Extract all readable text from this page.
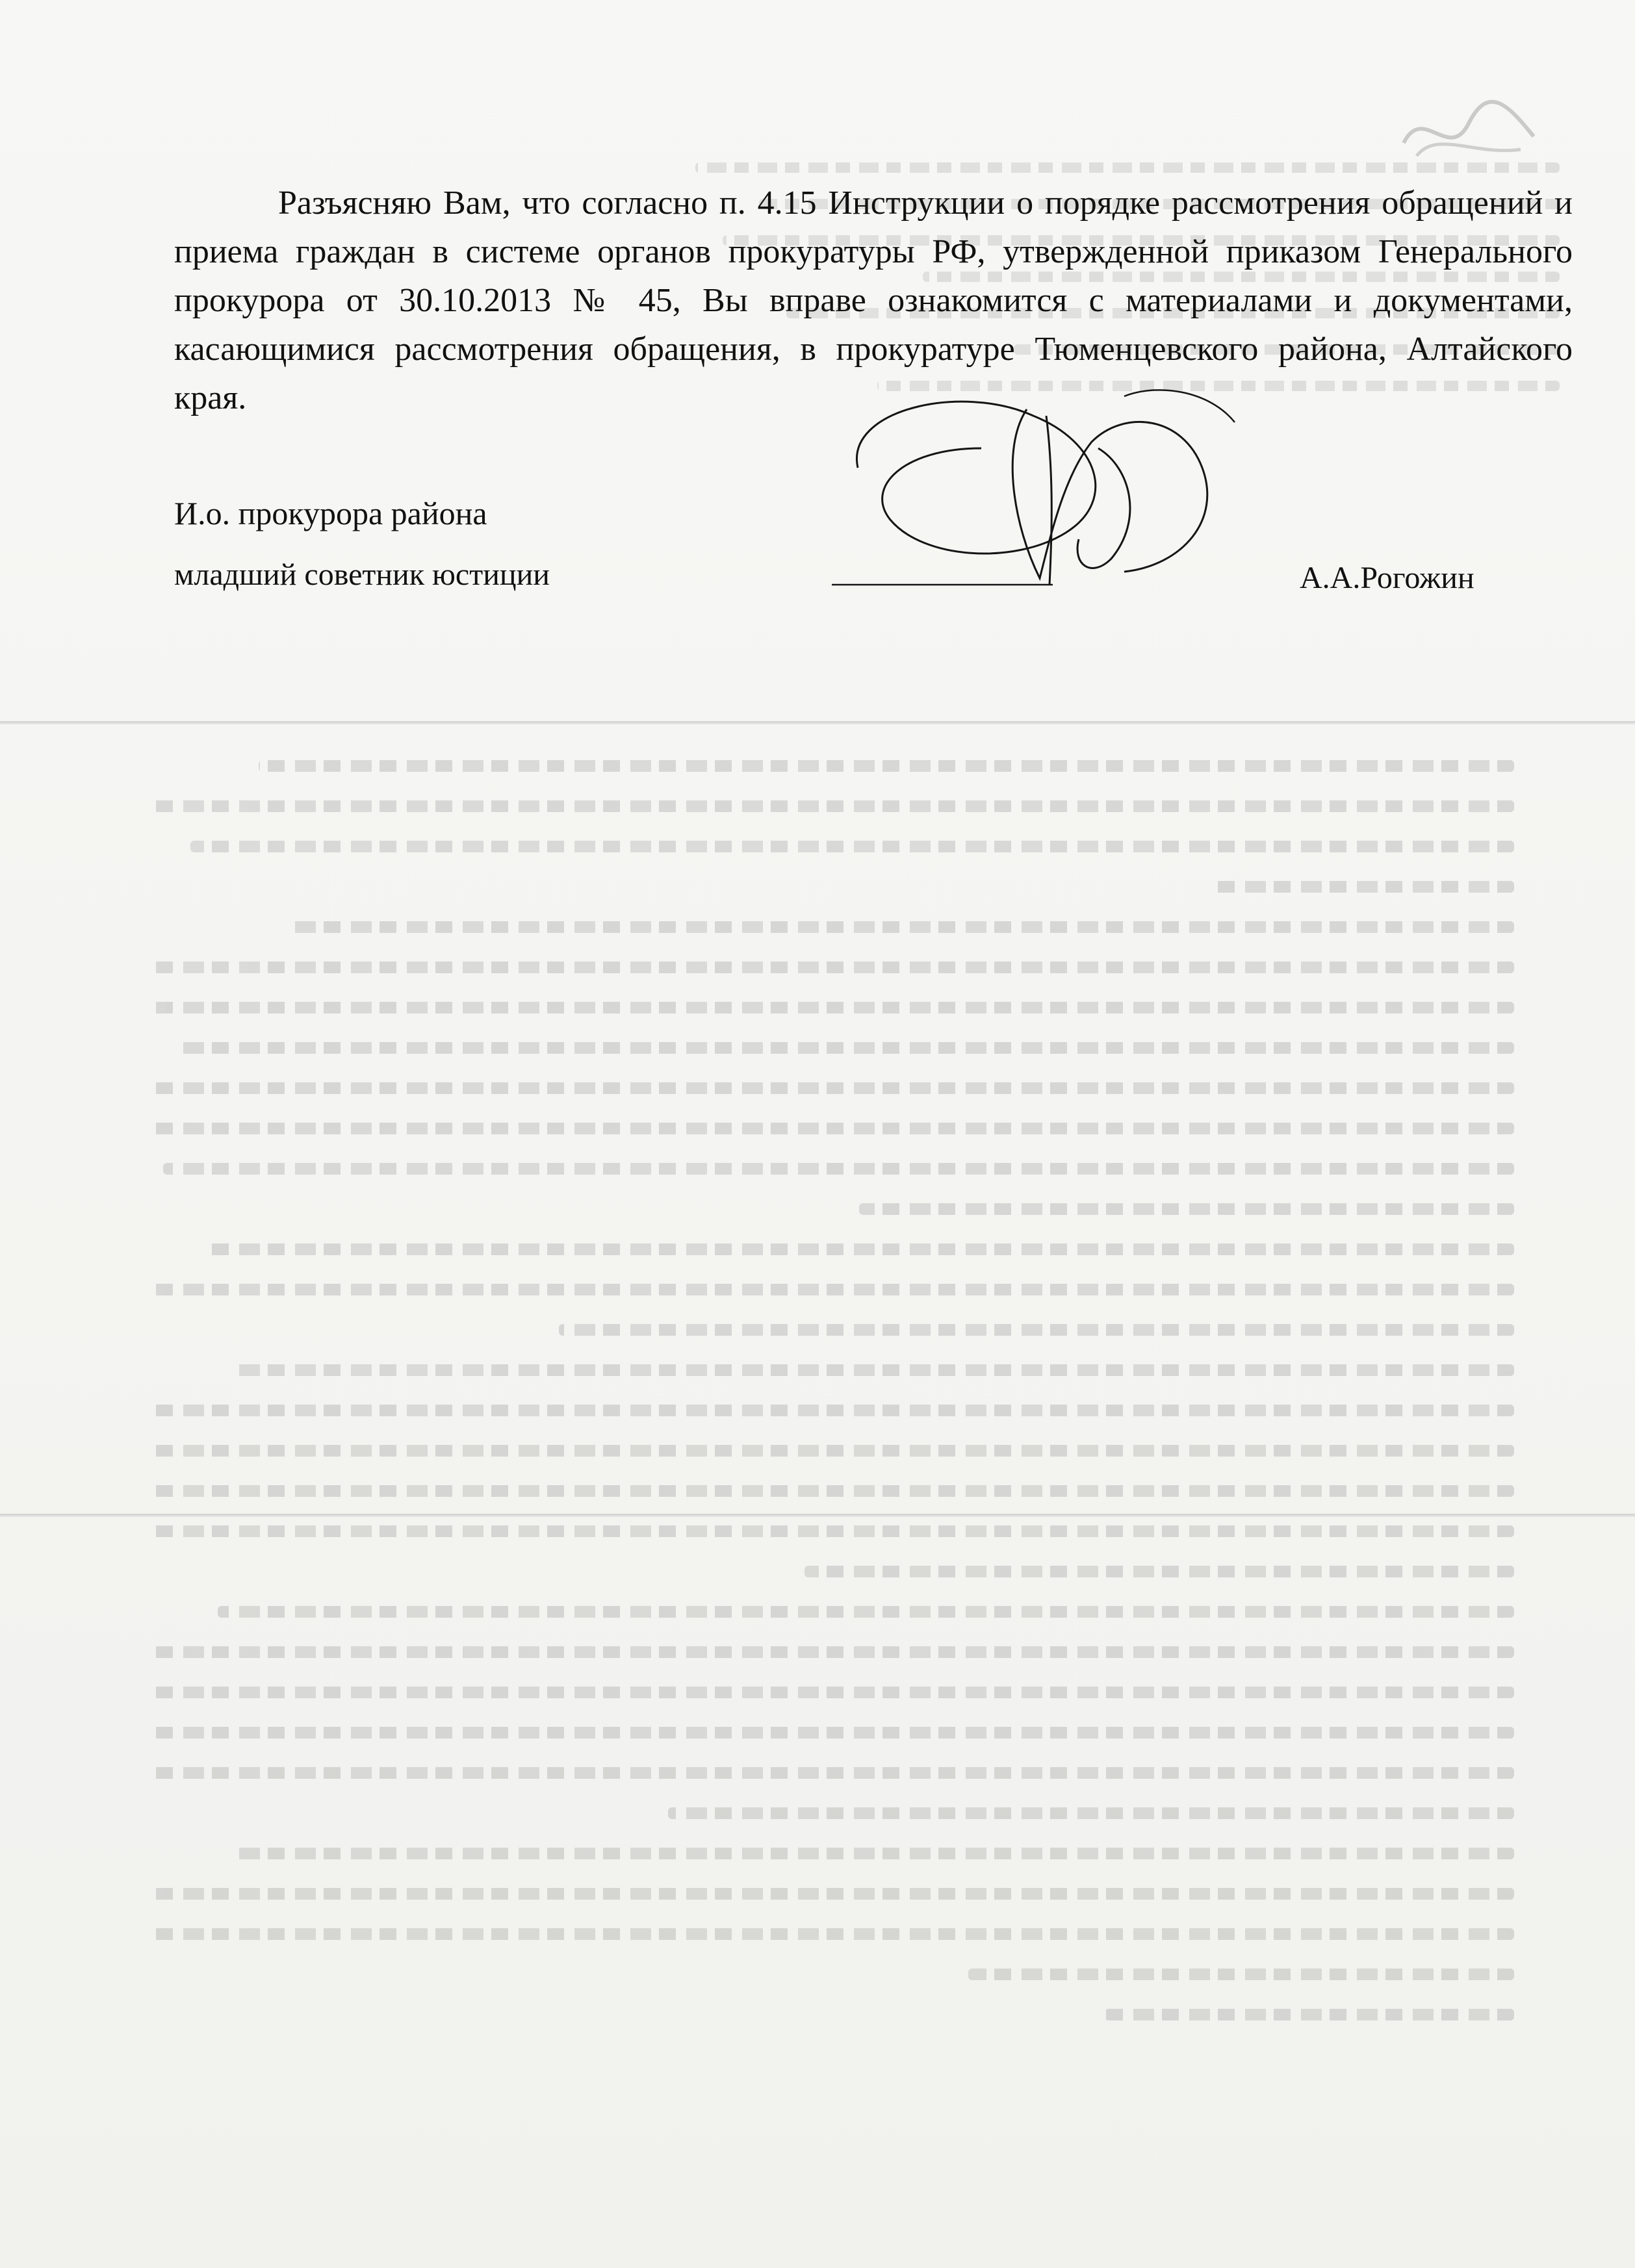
Разъясняю Вам, что согласно п. 4.15 Инструкции о порядке рассмотрения обращений и приема граждан в системе органов прокуратуры РФ, утвержденной приказом Генерального прокурора от 30.10.2013 № 45, Вы вправе ознакомится с материалами и документами, касающимися рассмотрения обращения, в прокуратуре Тюменцевского района, Алтайского края.

И.о. прокурора района
младший советник юстиции	А.А.Рогожин
